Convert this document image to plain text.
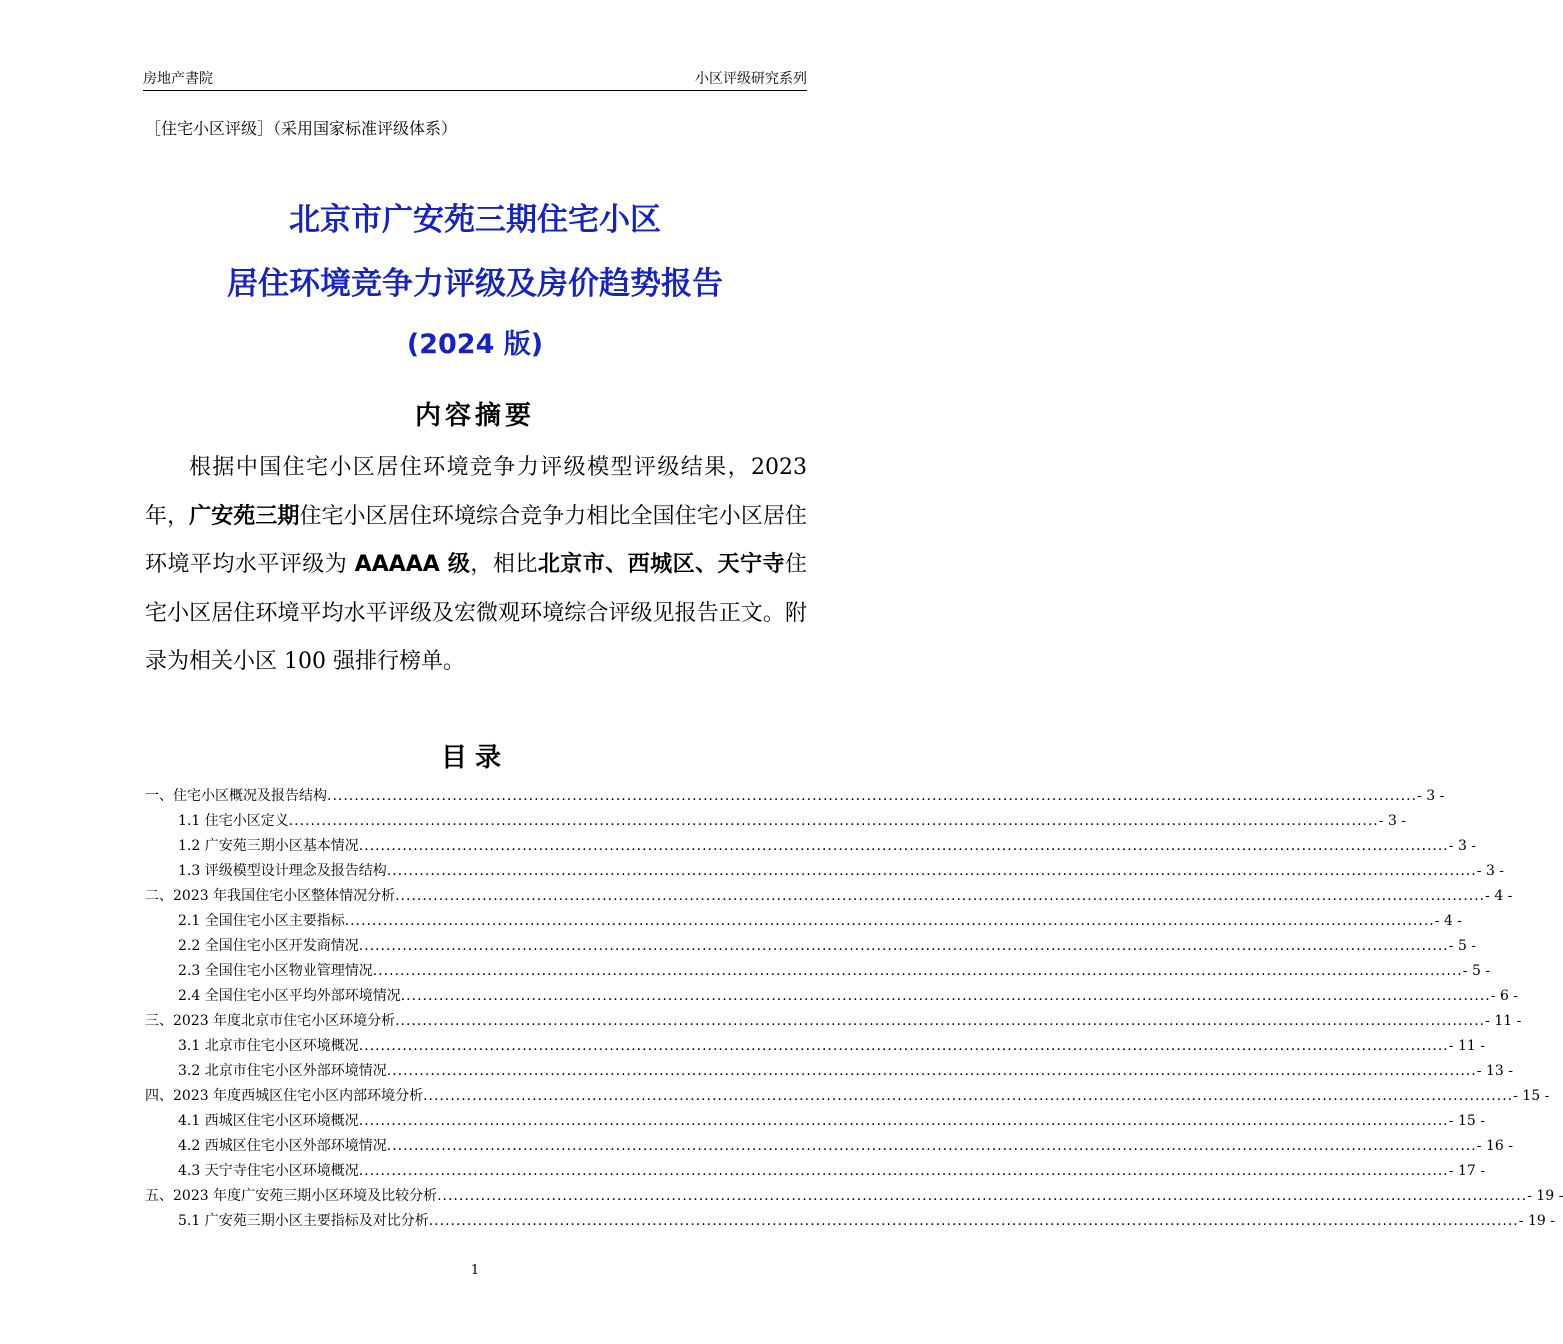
房地产書院	小区评级研究系列
［住宅小区评级］（采用国家标准评级体系）
北京市广安苑三期住宅小区
居住环境竞争力评级及房价趋势报告
(2024 版)
内容摘要

根据中国住宅小区居住环境竞争力评级模型评级结果，2023 年，广安苑三期住宅小区居住环境综合竞争力相比全国住宅小区居住环境平均水平评级为 AAAAA 级，相比北京市、西城区、天宁寺住宅小区居住环境平均水平评级及宏微观环境综合评级见报告正文。附录为相关小区 100 强排行榜单。

目录
一、住宅小区概况及报告结构 ........................................................................................................................................................................................................ - 3 -
1.1 住宅小区定义 ........................................................................................................................................................................................................ - 3 -
1.2 广安苑三期小区基本情况 ........................................................................................................................................................................................................ - 3 -
1.3 评级模型设计理念及报告结构 ........................................................................................................................................................................................................ - 3 -
二、2023 年我国住宅小区整体情况分析 ........................................................................................................................................................................................................ - 4 -
2.1 全国住宅小区主要指标 ........................................................................................................................................................................................................ - 4 -
2.2 全国住宅小区开发商情况 ........................................................................................................................................................................................................ - 5 -
2.3 全国住宅小区物业管理情况 ........................................................................................................................................................................................................ - 5 -
2.4 全国住宅小区平均外部环境情况 ........................................................................................................................................................................................................ - 6 -
三、2023 年度北京市住宅小区环境分析 ........................................................................................................................................................................................................ - 11 -
3.1 北京市住宅小区环境概况 ........................................................................................................................................................................................................ - 11 -
3.2 北京市住宅小区外部环境情况 ........................................................................................................................................................................................................ - 13 -
四、2023 年度西城区住宅小区内部环境分析 ........................................................................................................................................................................................................ - 15 -
4.1 西城区住宅小区环境概况 ........................................................................................................................................................................................................ - 15 -
4.2 西城区住宅小区外部环境情况 ........................................................................................................................................................................................................ - 16 -
4.3 天宁寺住宅小区环境概况 ........................................................................................................................................................................................................ - 17 -
五、2023 年度广安苑三期小区环境及比较分析 ........................................................................................................................................................................................................ - 19 -
5.1 广安苑三期小区主要指标及对比分析 ........................................................................................................................................................................................................ - 19 -
1
